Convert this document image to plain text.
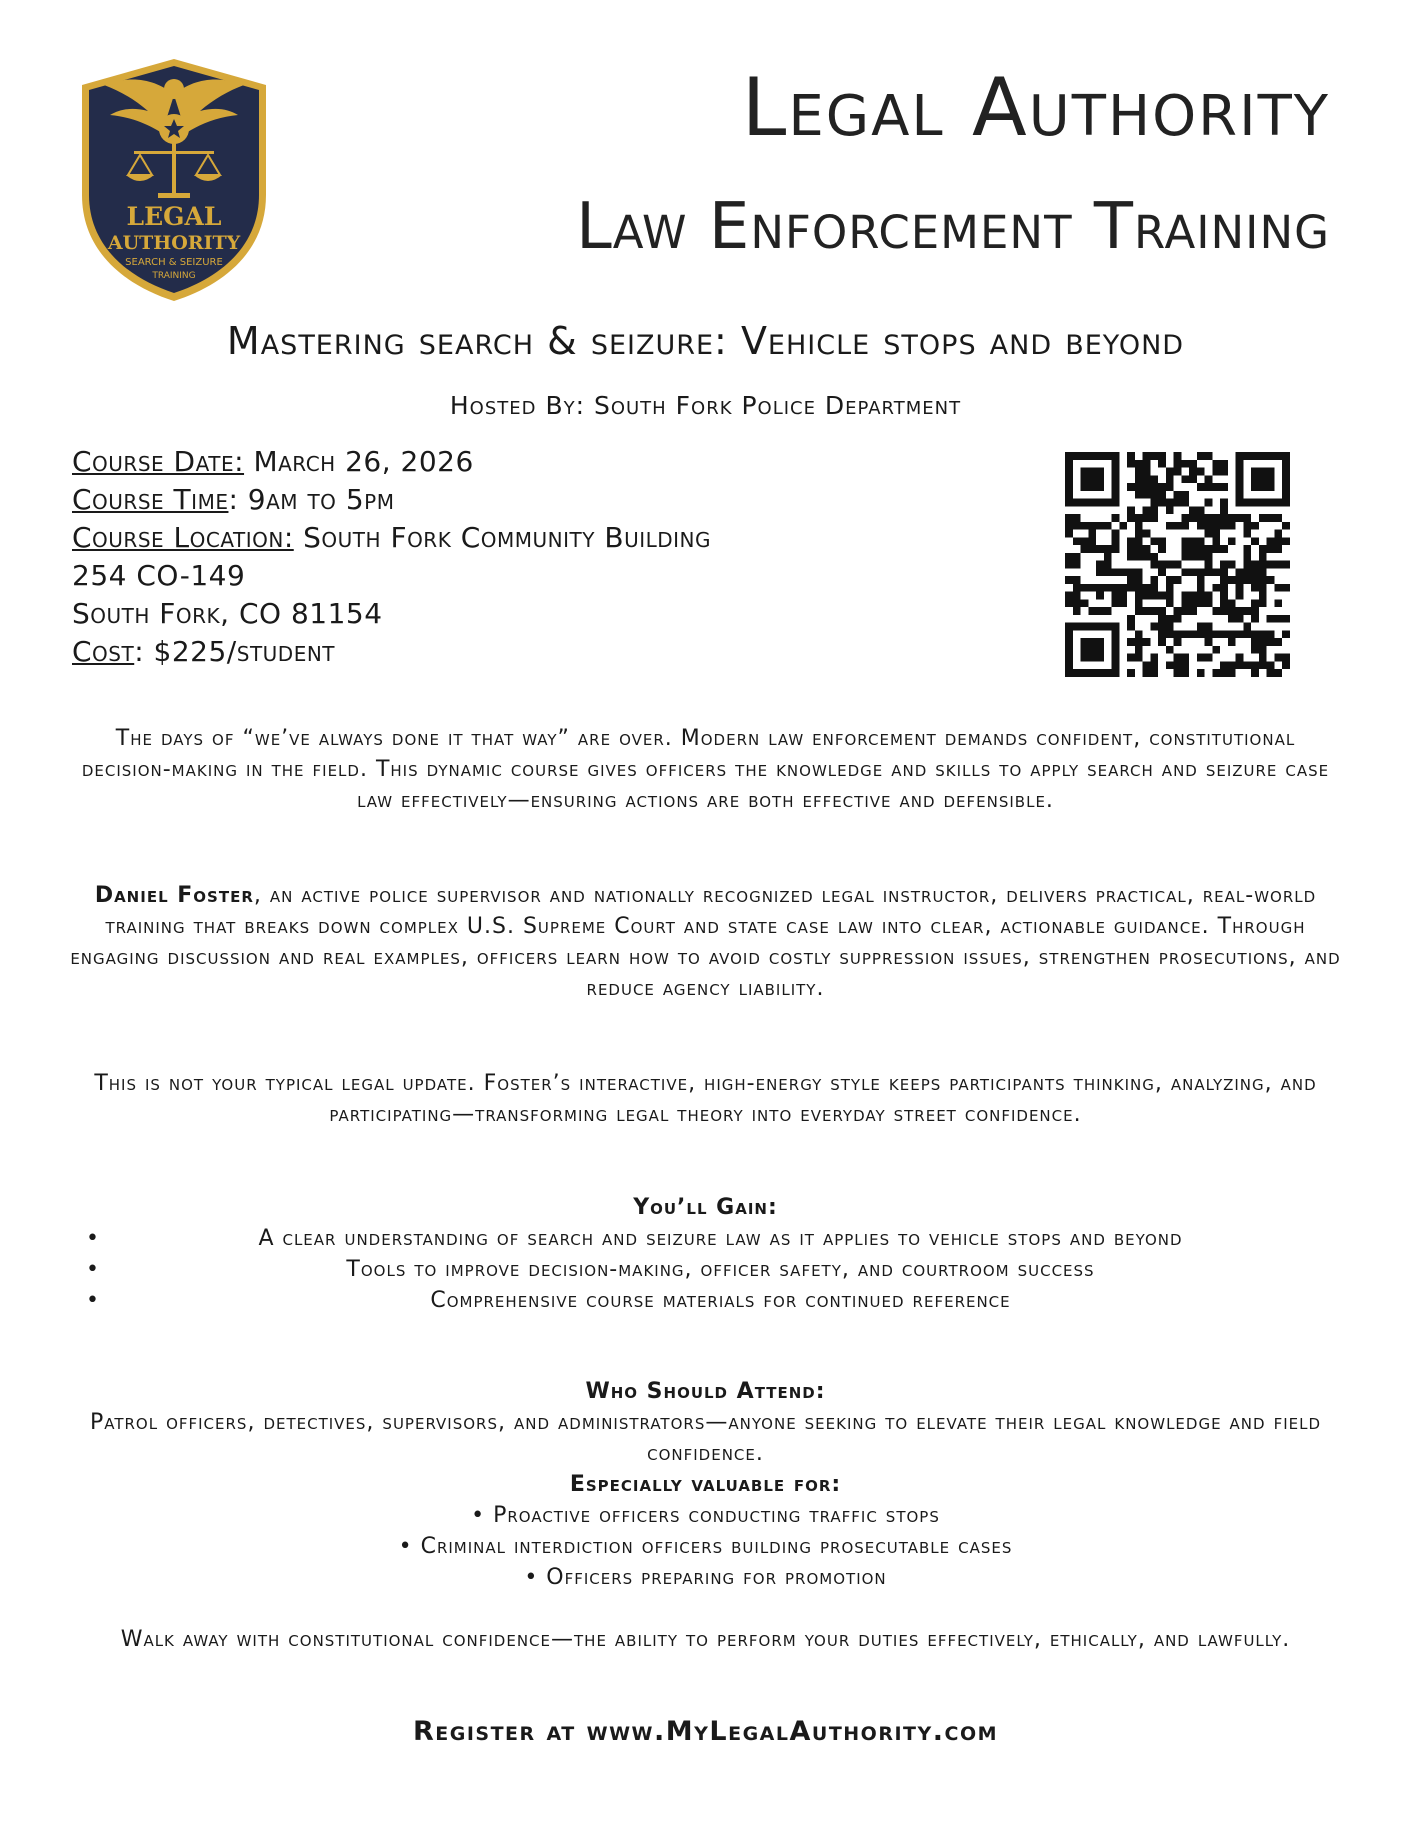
LEGAL
AUTHORITY
SEARCH & SEIZURE
TRAINING
Legal Authority
Law Enforcement Training
Mastering search & seizure: Vehicle stops and beyond
Hosted By: South Fork Police Department
Course Date: March 26, 2026
Course Time: 9am to 5pm
Course Location: South Fork Community Building
254 CO-149
South Fork, CO 81154
Cost: $225/student
The days of “we’ve always done it that way” are over. Modern law enforcement demands confident, constitutional decision-making in the field. This dynamic course gives officers the knowledge and skills to apply search and seizure case law effectively—ensuring actions are both effective and defensible.
Daniel Foster, an active police supervisor and nationally recognized legal instructor, delivers practical, real-world training that breaks down complex U.S. Supreme Court and state case law into clear, actionable guidance. Through engaging discussion and real examples, officers learn how to avoid costly suppression issues, strengthen prosecutions, and reduce agency liability.
This is not your typical legal update. Foster’s interactive, high-energy style keeps participants thinking, analyzing, and participating—transforming legal theory into everyday street confidence.
You’ll Gain:
•	A clear understanding of search and seizure law as it applies to vehicle stops and beyond
•	Tools to improve decision-making, officer safety, and courtroom success
•	Comprehensive course materials for continued reference
Who Should Attend:
Patrol officers, detectives, supervisors, and administrators—anyone seeking to elevate their legal knowledge and field confidence.
Especially valuable for:
• Proactive officers conducting traffic stops
• Criminal interdiction officers building prosecutable cases
• Officers preparing for promotion
Walk away with constitutional confidence—the ability to perform your duties effectively, ethically, and lawfully.
Register at www.MyLegalAuthority.com
